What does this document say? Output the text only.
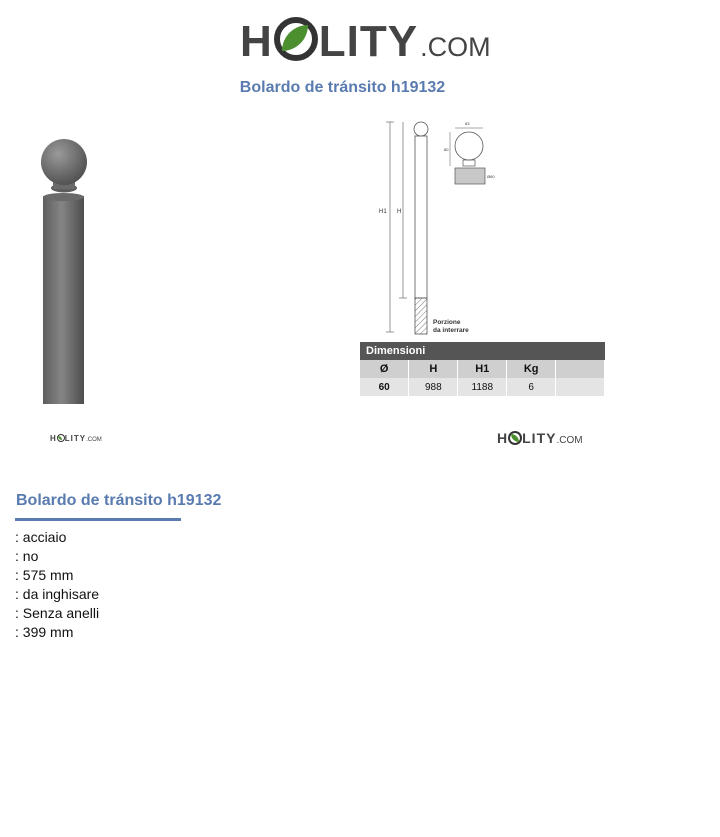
H LITY .COM
Bolardo de tránsito h19132
H LITY .COM
H1 H
Porzione
da interrare
63
80
Ø60
Dimensioni				
Ø	H	H1	Kg	
60	988	1188	6	
H LITY .COM
Bolardo de tránsito h19132
: acciaio
: no
: 575 mm
: da inghisare
: Senza anelli
: 399 mm
